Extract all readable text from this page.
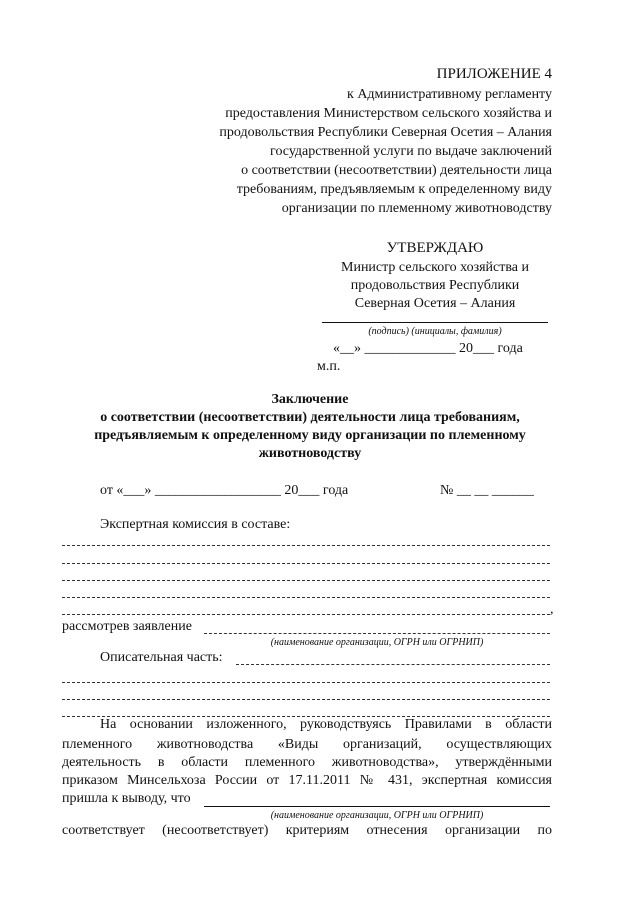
ПРИЛОЖЕНИЕ 4
к Административному регламенту
предоставления Министерством сельского хозяйства и
продовольствия Республики Северная Осетия – Алания
государственной услуги по выдаче заключений
о соответствии (несоответствии) деятельности лица
требованиям, предъявляемым к определенному виду
организации по племенному животноводству
УТВЕРЖДАЮ
Министр сельского хозяйства и
продовольствия Республики
Северная Осетия – Алания
(подпись) (инициалы, фамилия)
«__» _____________ 20___ года
м.п.
Заключение
о соответствии (несоответствии) деятельности лица требованиям,
предъявляемым к определенному виду организации по племенному
животноводству
от «___» __________________ 20___ года	№ __ __ ______
Экспертная комиссия в составе:
,
рассмотрев заявление
(наименование организации, ОГРН или ОГРНИП)
Описательная часть:
На основании изложенного, руководствуясь Правилами в области
племенного животноводства «Виды организаций, осуществляющих
деятельность в области племенного животноводства», утверждёнными
приказом Минсельхоза России от 17.11.2011 № 431, экспертная комиссия
пришла к выводу, что
(наименование организации, ОГРН или ОГРНИП)
соответствует (несоответствует) критериям отнесения организации по
